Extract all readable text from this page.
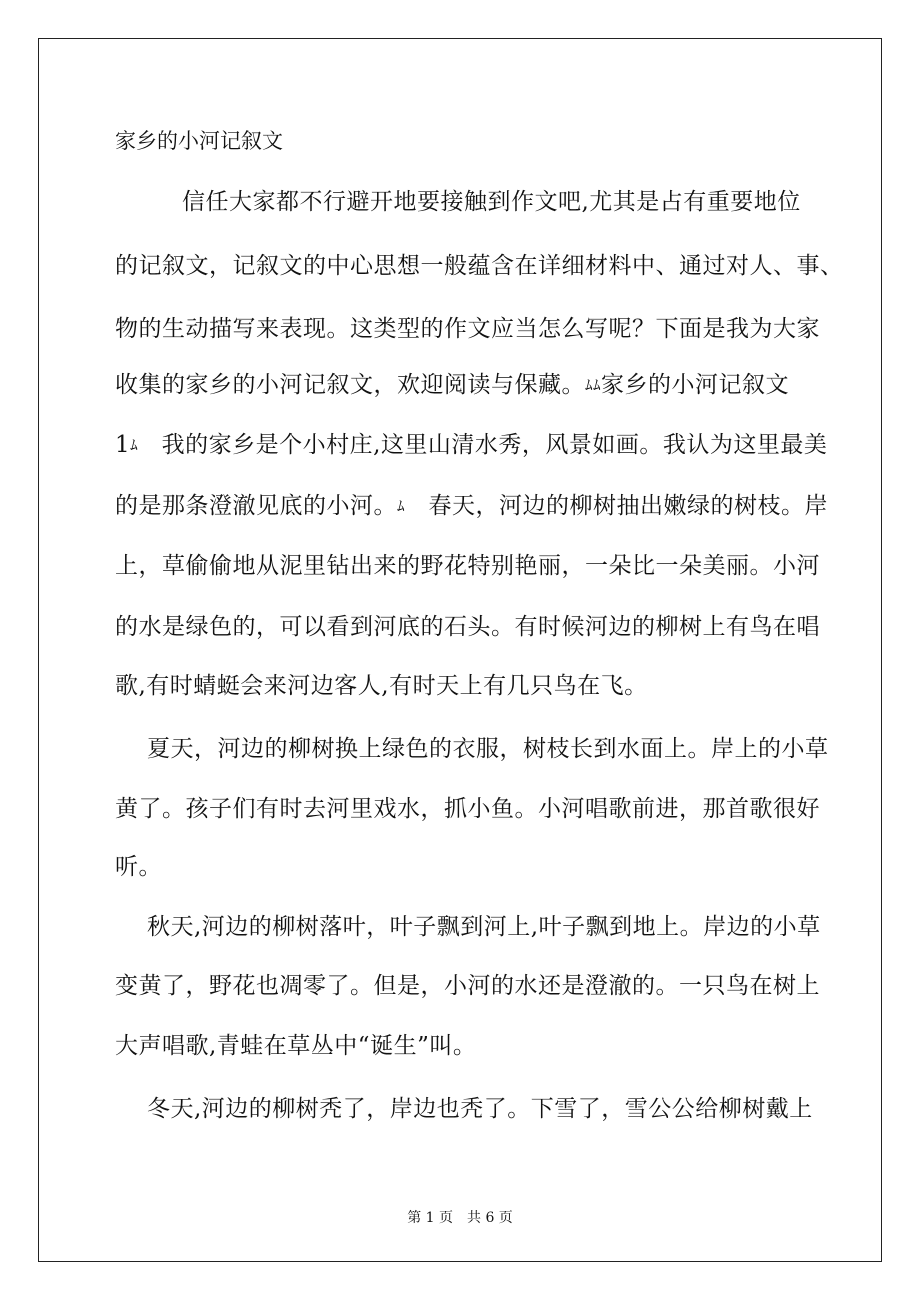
家乡的小河记叙文
信任大家都不行避开地要接触到作文吧,尤其是占有重要地位
的记叙文，记叙文的中心思想一般蕴含在详细材料中、通过对人、事、
物的生动描写来表现。这类型的作文应当怎么写呢？下面是我为大家
收集的家乡的小河记叙文，欢迎阅读与保藏。ﾑﾑ家乡的小河记叙文
1ﾑ 我的家乡是个小村庄,这里山清水秀，风景如画。我认为这里最美
的是那条澄澈见底的小河。ﾑ 春天，河边的柳树抽出嫩绿的树枝。岸
上，草偷偷地从泥里钻出来的野花特别艳丽，一朵比一朵美丽。小河
的水是绿色的，可以看到河底的石头。有时候河边的柳树上有鸟在唱
歌,有时蜻蜓会来河边客人,有时天上有几只鸟在飞。
夏天，河边的柳树换上绿色的衣服，树枝长到水面上。岸上的小草
黄了。孩子们有时去河里戏水，抓小鱼。小河唱歌前进，那首歌很好
听。
秋天,河边的柳树落叶，叶子飘到河上,叶子飘到地上。岸边的小草
变黄了，野花也凋零了。但是，小河的水还是澄澈的。一只鸟在树上
大声唱歌,青蛙在草丛中“诞生”叫。
冬天,河边的柳树秃了，岸边也秃了。下雪了，雪公公给柳树戴上
第 1 页 共 6 页
